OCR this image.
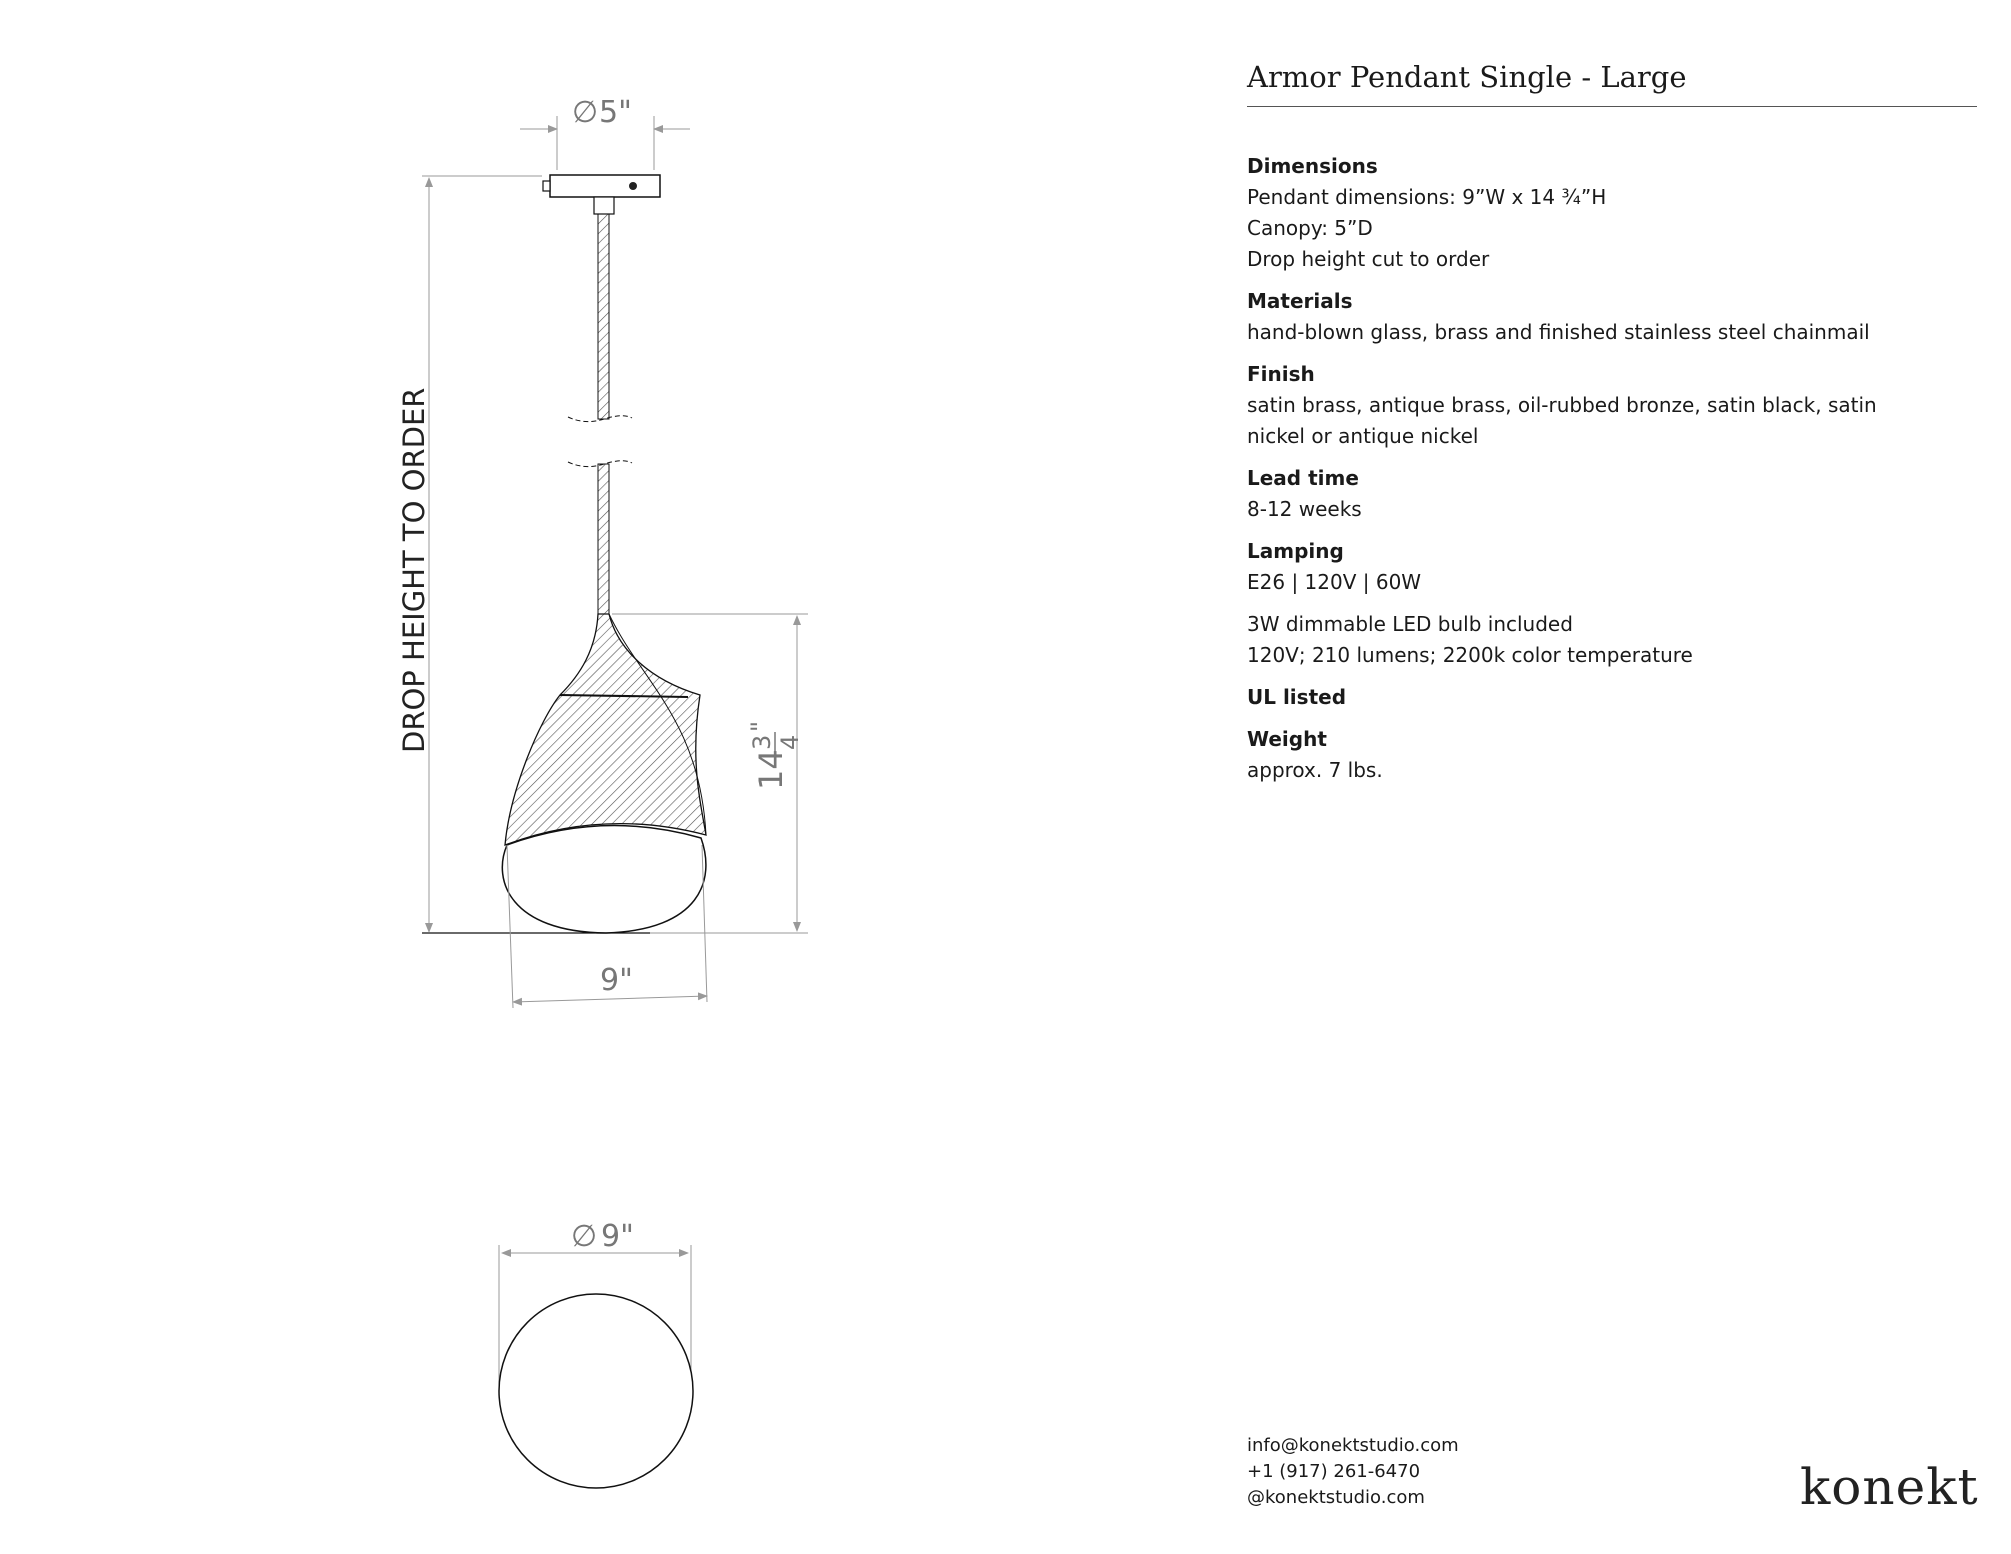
∅ 5"
DROP HEIGHT TO ORDER
14
3 4
"
9"
∅ 9"
Armor Pendant Single - Large
Dimensions
Pendant dimensions: 9”W x 14 ¾”H
Canopy: 5”D
Drop height cut to order
Materials
hand-blown glass, brass and finished stainless steel chainmail
Finish
satin brass, antique brass, oil-rubbed bronze, satin black, satin
nickel or antique nickel
Lead time
8-12 weeks
Lamping
E26 | 120V | 60W
3W dimmable LED bulb included
120V; 210 lumens; 2200k color temperature
UL listed
Weight
approx. 7 lbs.
info@konektstudio.com
+1 (917) 261-6470
@konektstudio.com	konekt
